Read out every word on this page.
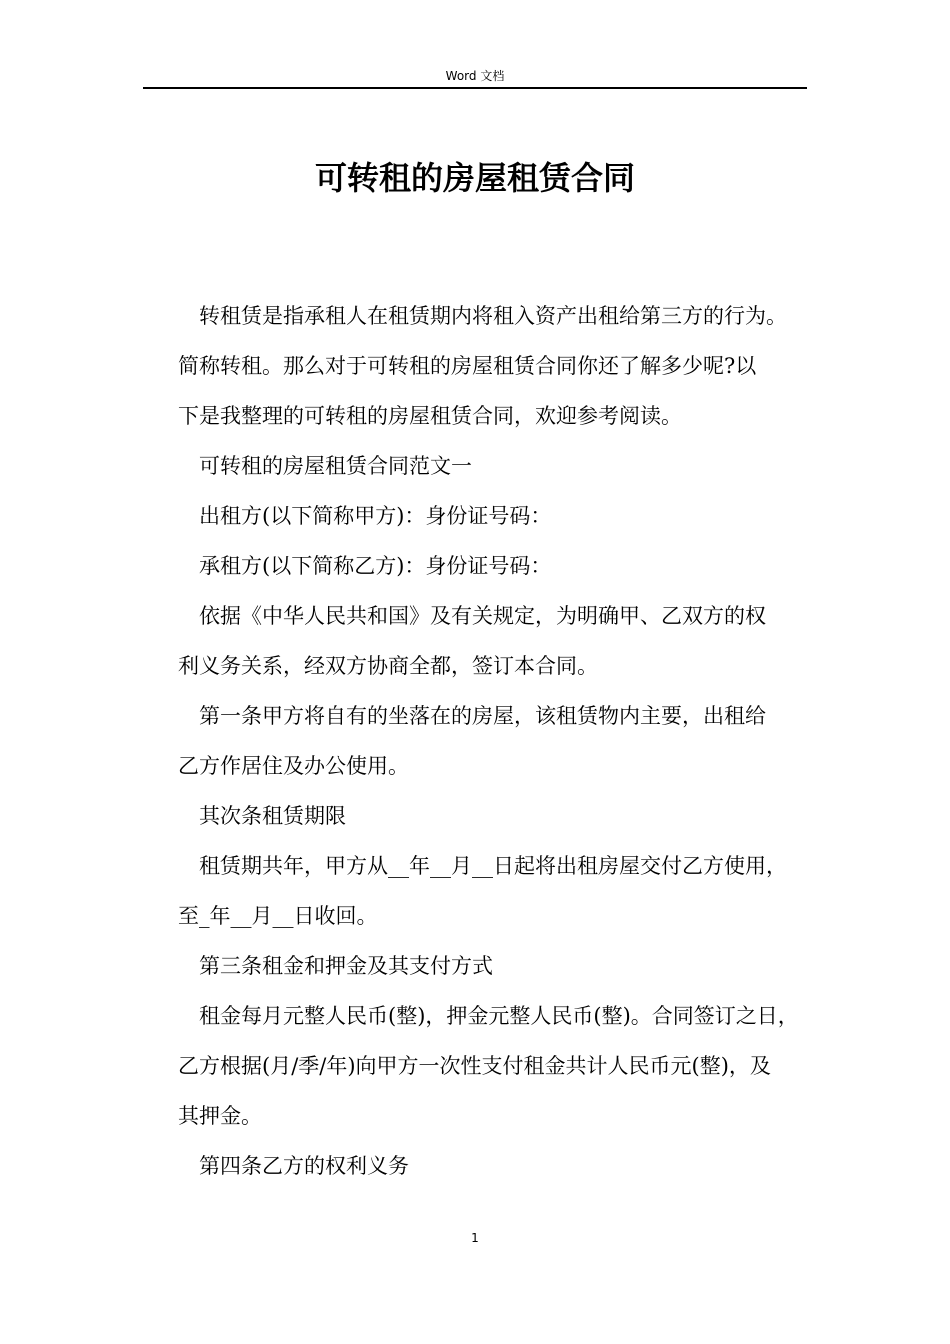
Word 文档
可转租的房屋租赁合同
转租赁是指承租人在租赁期内将租入资产出租给第三方的行为。
简称转租。那么对于可转租的房屋租赁合同你还了解多少呢?以
下是我整理的可转租的房屋租赁合同，欢迎参考阅读。
可转租的房屋租赁合同范文一
出租方(以下简称甲方)：身份证号码：
承租方(以下简称乙方)：身份证号码：
依据《中华人民共和国》及有关规定，为明确甲、乙双方的权
利义务关系，经双方协商全都，签订本合同。
第一条甲方将自有的坐落在的房屋，该租赁物内主要，出租给
乙方作居住及办公使用。
其次条租赁期限
租赁期共年，甲方从__年__月__日起将出租房屋交付乙方使用，
至_年__月__日收回。
第三条租金和押金及其支付方式
租金每月元整人民币(整)，押金元整人民币(整)。合同签订之日，
乙方根据(月/季/年)向甲方一次性支付租金共计人民币元(整)，及
其押金。
第四条乙方的权利义务
1
